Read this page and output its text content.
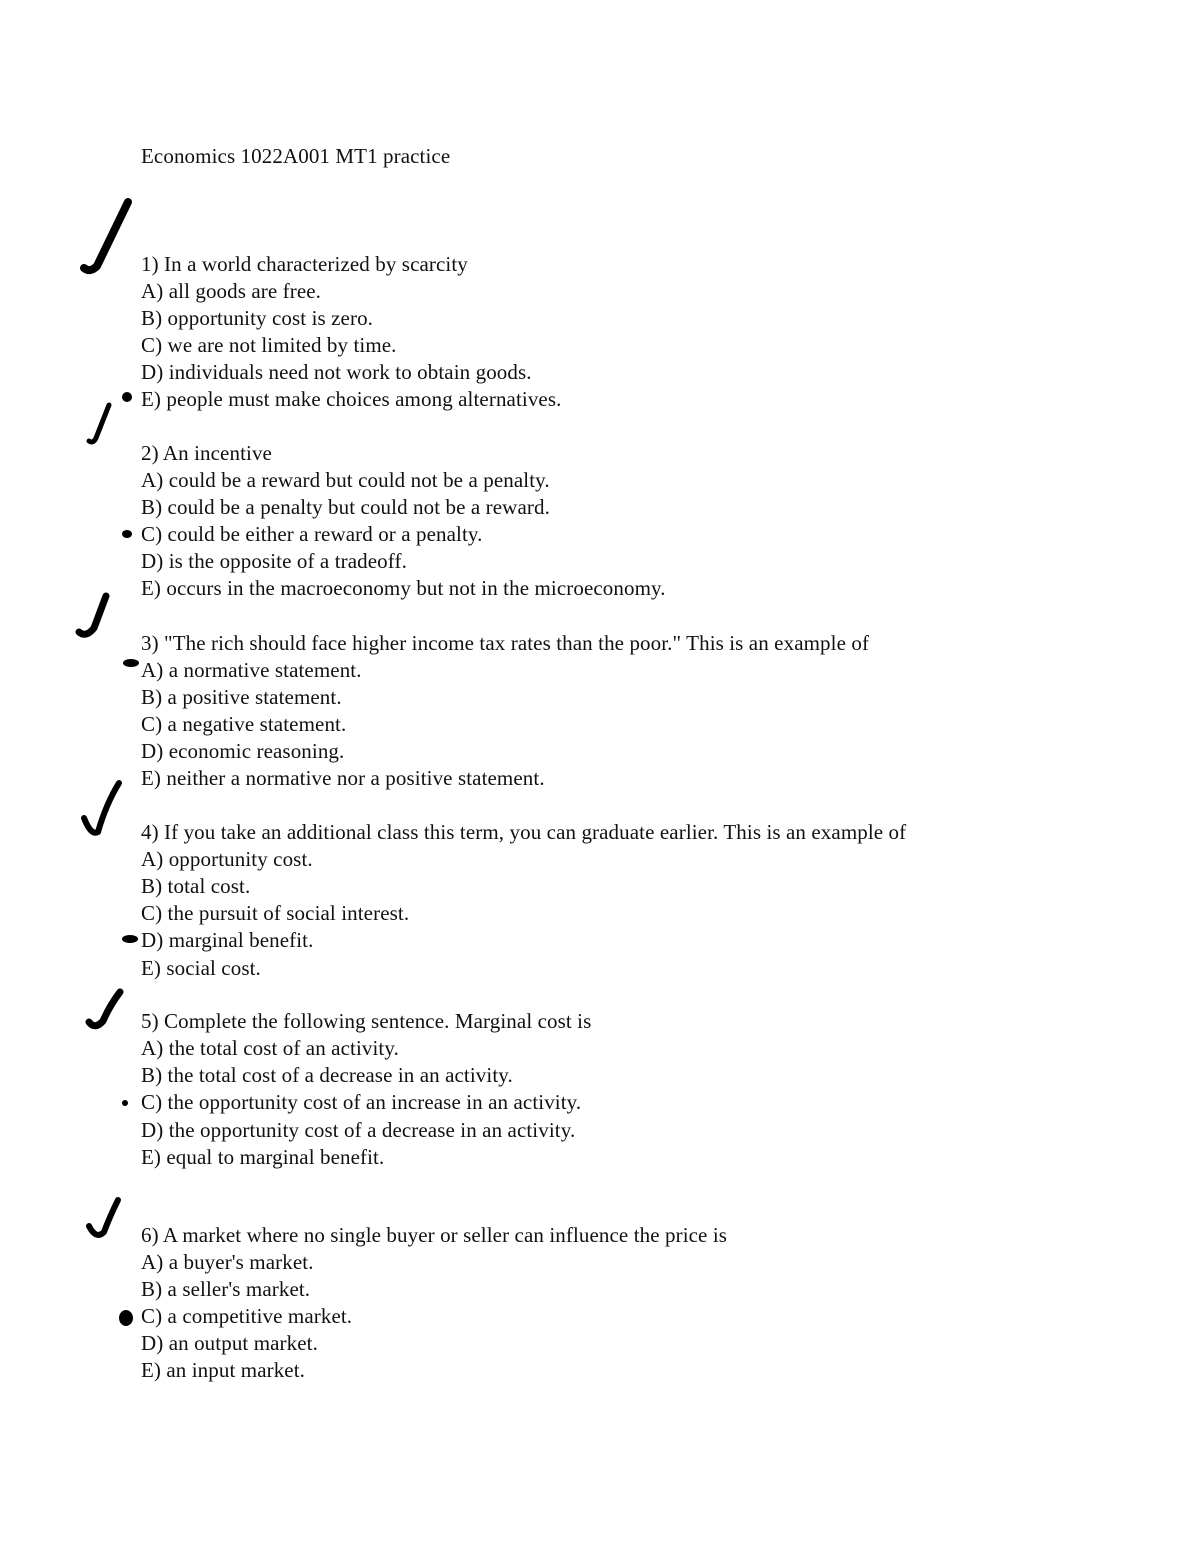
Economics 1022A001 MT1 practice
1) In a world characterized by scarcity
A) all goods are free.
B) opportunity cost is zero.
C) we are not limited by time.
D) individuals need not work to obtain goods.
E) people must make choices among alternatives.
2) An incentive
A) could be a reward but could not be a penalty.
B) could be a penalty but could not be a reward.
C) could be either a reward or a penalty.
D) is the opposite of a tradeoff.
E) occurs in the macroeconomy but not in the microeconomy.
3) "The rich should face higher income tax rates than the poor." This is an example of
A) a normative statement.
B) a positive statement.
C) a negative statement.
D) economic reasoning.
E) neither a normative nor a positive statement.
4) If you take an additional class this term, you can graduate earlier. This is an example of
A) opportunity cost.
B) total cost.
C) the pursuit of social interest.
D) marginal benefit.
E) social cost.
5) Complete the following sentence. Marginal cost is
A) the total cost of an activity.
B) the total cost of a decrease in an activity.
C) the opportunity cost of an increase in an activity.
D) the opportunity cost of a decrease in an activity.
E) equal to marginal benefit.
6) A market where no single buyer or seller can influence the price is
A) a buyer's market.
B) a seller's market.
C) a competitive market.
D) an output market.
E) an input market.
